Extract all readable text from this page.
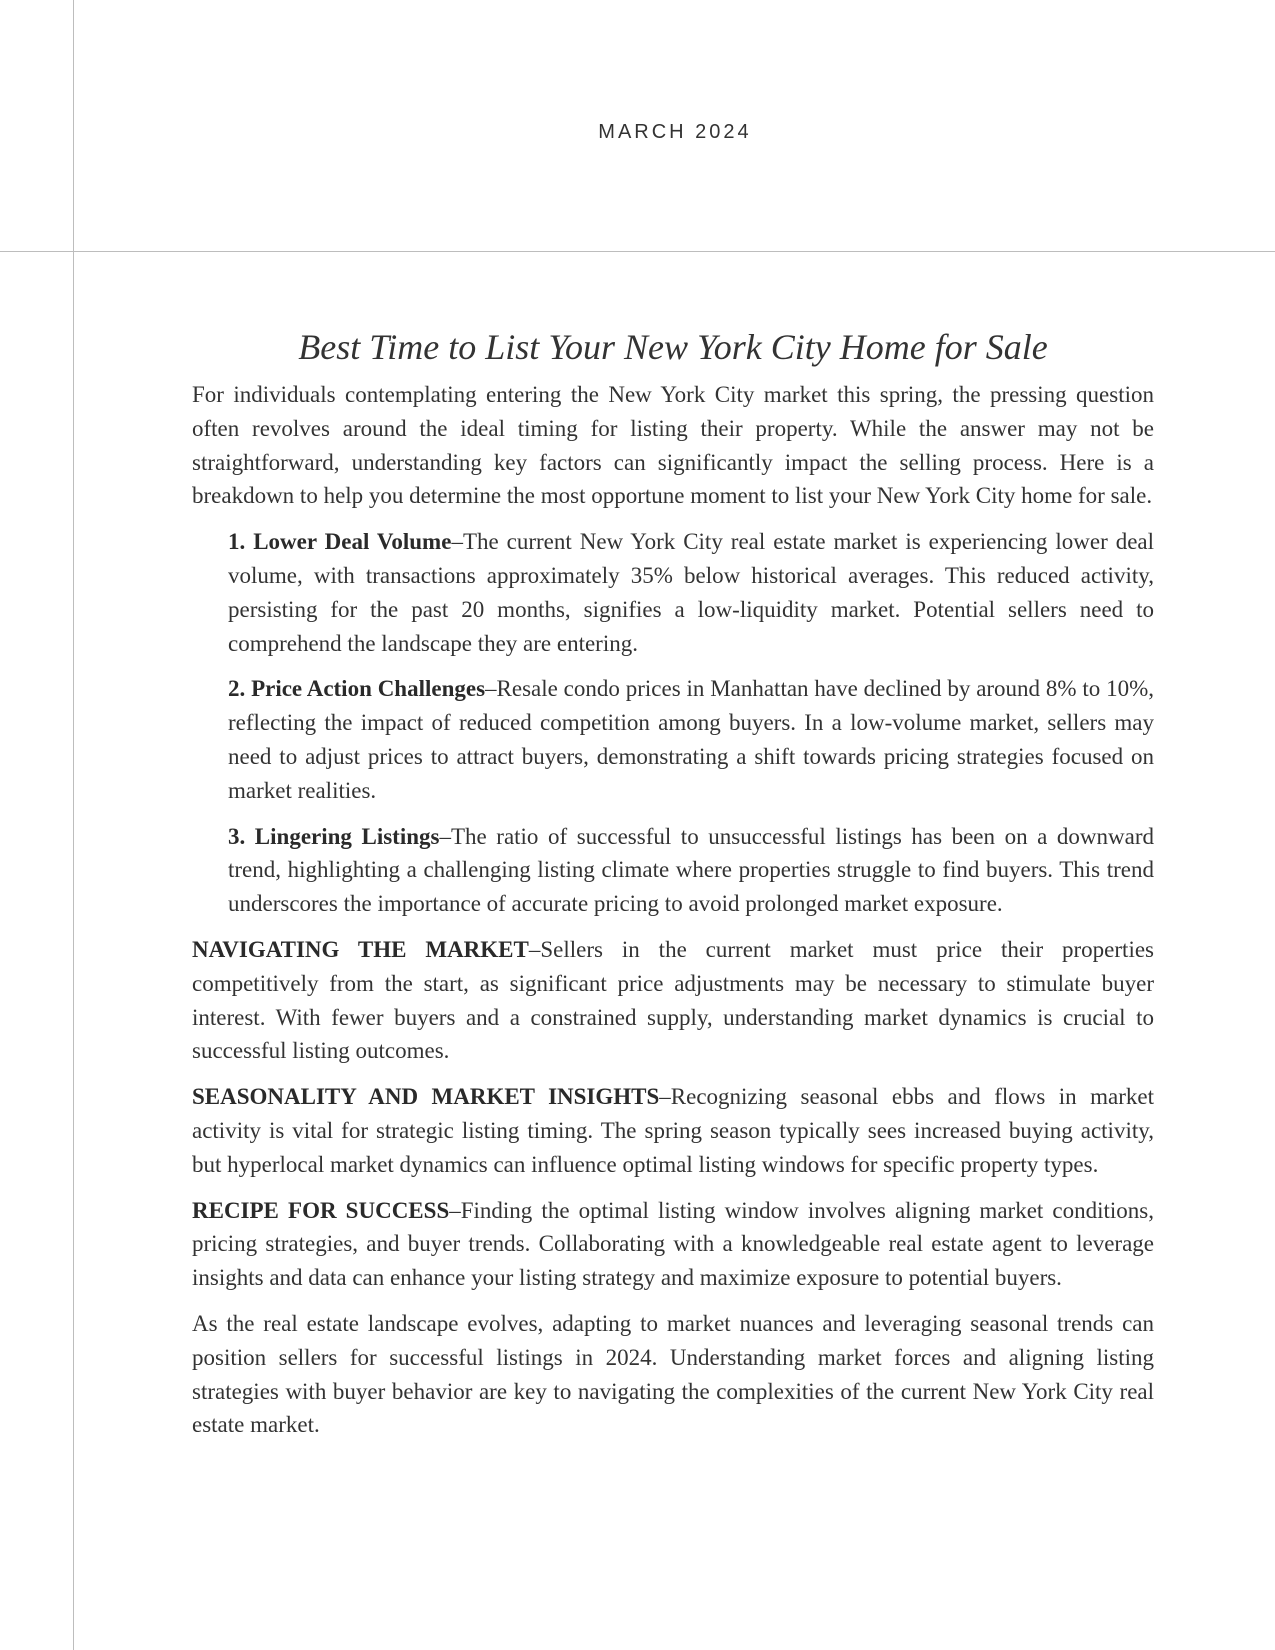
MARCH 2024
Best Time to List Your New York City Home for Sale

For individuals contemplating entering the New York City market this spring, the pressing question often revolves around the ideal timing for listing their property. While the answer may not be straightforward, understanding key factors can significantly impact the selling process. Here is a breakdown to help you determine the most opportune moment to list your New York City home for sale.

1. Lower Deal Volume–The current New York City real estate market is experiencing lower deal volume, with transactions approximately 35% below historical averages. This reduced activity, persisting for the past 20 months, signifies a low-liquidity market. Potential sellers need to comprehend the landscape they are entering.
2. Price Action Challenges–Resale condo prices in Manhattan have declined by around 8% to 10%, reflecting the impact of reduced competition among buyers. In a low-volume market, sellers may need to adjust prices to attract buyers, demonstrating a shift towards pricing strategies focused on market realities.
3. Lingering Listings–The ratio of successful to unsuccessful listings has been on a downward trend, highlighting a challenging listing climate where properties struggle to find buyers. This trend underscores the importance of accurate pricing to avoid prolonged market exposure.

NAVIGATING THE MARKET–Sellers in the current market must price their properties competitively from the start, as significant price adjustments may be necessary to stimulate buyer interest. With fewer buyers and a constrained supply, understanding market dynamics is crucial to successful listing outcomes.

SEASONALITY AND MARKET INSIGHTS–Recognizing seasonal ebbs and flows in market activity is vital for strategic listing timing. The spring season typically sees increased buying activity, but hyperlocal market dynamics can influence optimal listing windows for specific property types.

RECIPE FOR SUCCESS–Finding the optimal listing window involves aligning market conditions, pricing strategies, and buyer trends. Collaborating with a knowledgeable real estate agent to leverage insights and data can enhance your listing strategy and maximize exposure to potential buyers.

As the real estate landscape evolves, adapting to market nuances and leveraging seasonal trends can position sellers for successful listings in 2024. Understanding market forces and aligning listing strategies with buyer behavior are key to navigating the complexities of the current New York City real estate market.
